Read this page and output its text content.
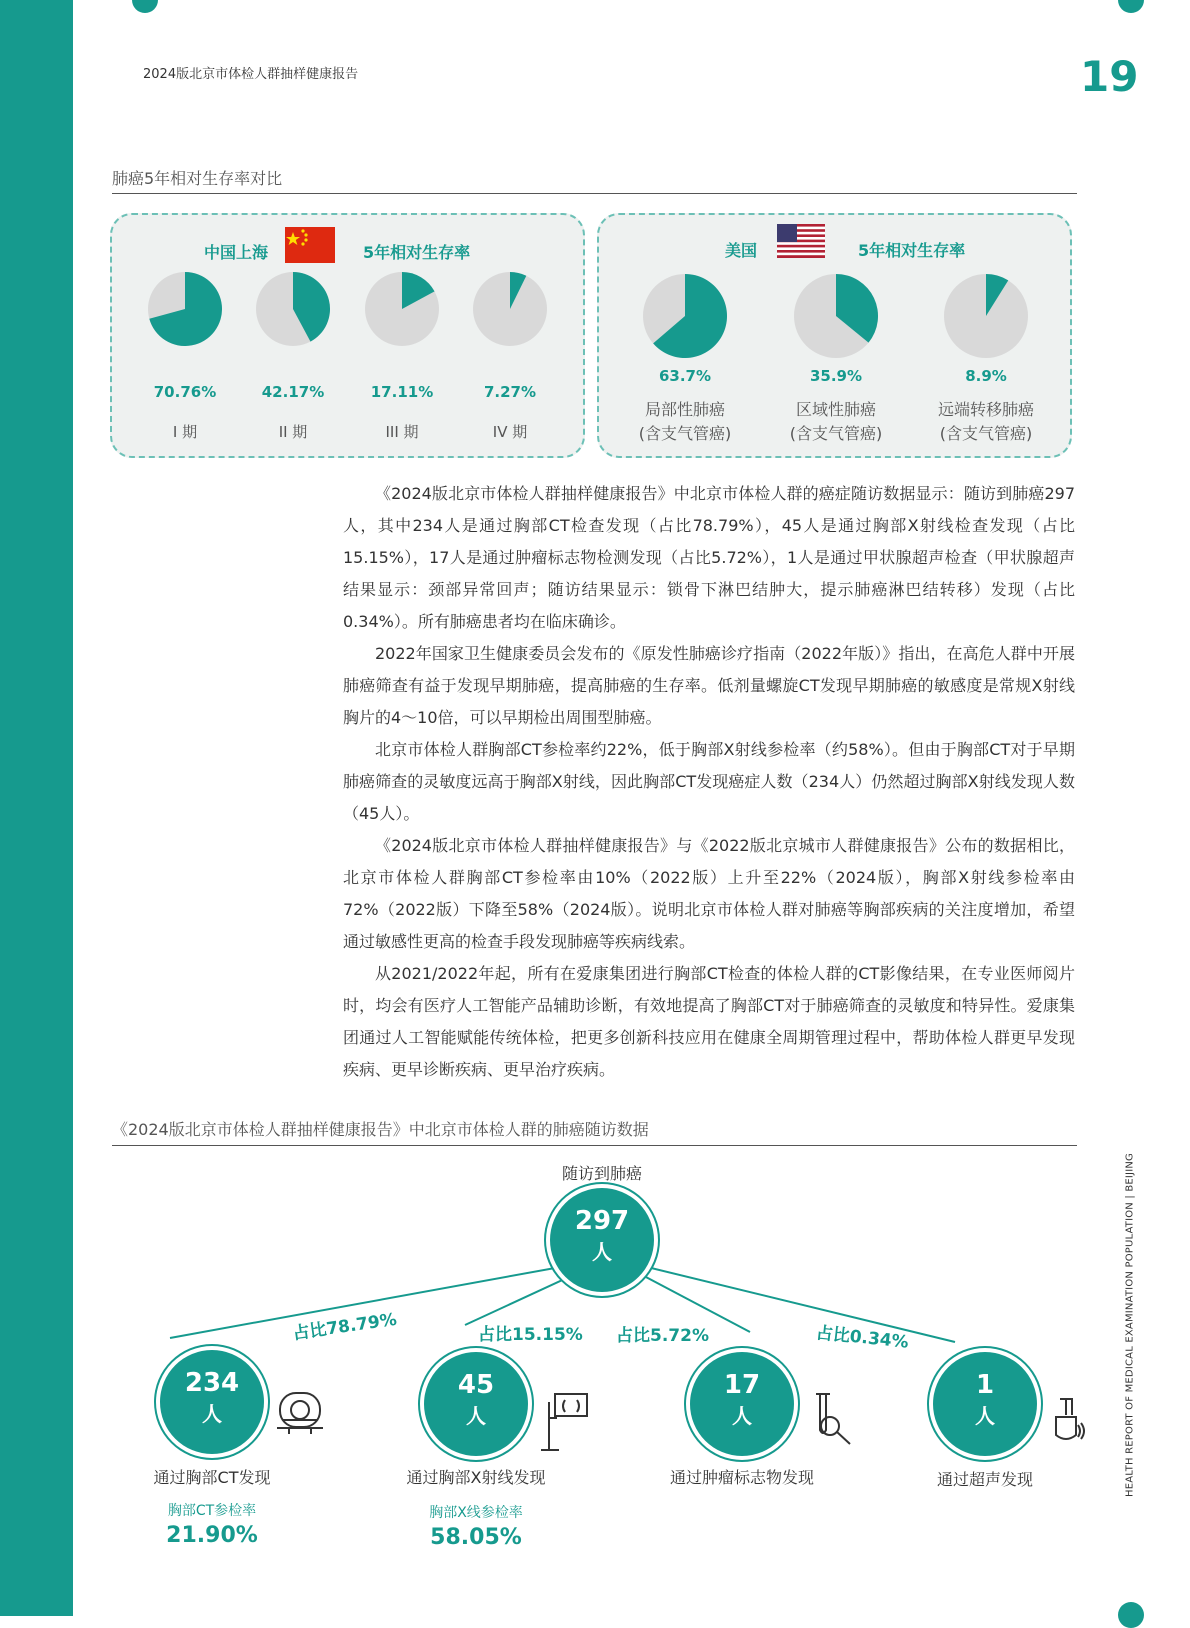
2024版北京市体检人群抽样健康报告	19
肺癌5年相对生存率对比
中国上海	5年相对生存率
70.76%	42.17%	17.11%	7.27%
I 期	II 期	III 期	IV 期
美国	5年相对生存率
63.7%	35.9%	8.9%
局部性肺癌
(含支气管癌)
区域性肺癌
(含支气管癌)
远端转移肺癌
(含支气管癌)

《2024版北京市体检人群抽样健康报告》中北京市体检人群的癌症随访数据显示：随访到肺癌297人，其中234人是通过胸部CT检查发现（占比78.79%），45人是通过胸部X射线检查发现（占比15.15%），17人是通过肿瘤标志物检测发现（占比5.72%），1人是通过甲状腺超声检查（甲状腺超声结果显示：颈部异常回声；随访结果显示：锁骨下淋巴结肿大，提示肺癌淋巴结转移）发现（占比0.34%）。所有肺癌患者均在临床确诊。

2022年国家卫生健康委员会发布的《原发性肺癌诊疗指南（2022年版）》指出，在高危人群中开展肺癌筛查有益于发现早期肺癌，提高肺癌的生存率。低剂量螺旋CT发现早期肺癌的敏感度是常规X射线胸片的4～10倍，可以早期检出周围型肺癌。

北京市体检人群胸部CT参检率约22%，低于胸部X射线参检率（约58%）。但由于胸部CT对于早期肺癌筛查的灵敏度远高于胸部X射线，因此胸部CT发现癌症人数（234人）仍然超过胸部X射线发现人数（45人）。

《2024版北京市体检人群抽样健康报告》与《2022版北京城市人群健康报告》公布的数据相比，北京市体检人群胸部CT参检率由10%（2022版）上升至22%（2024版），胸部X射线参检率由72%（2022版）下降至58%（2024版）。说明北京市体检人群对肺癌等胸部疾病的关注度增加，希望通过敏感性更高的检查手段发现肺癌等疾病线索。

从2021/2022年起，所有在爱康集团进行胸部CT检查的体检人群的CT影像结果，在专业医师阅片时，均会有医疗人工智能产品辅助诊断，有效地提高了胸部CT对于肺癌筛查的灵敏度和特异性。爱康集团通过人工智能赋能传统体检，把更多创新科技应用在健康全周期管理过程中，帮助体检人群更早发现疾病、更早诊断疾病、更早治疗疾病。

《2024版北京市体检人群抽样健康报告》中北京市体检人群的肺癌随访数据
随访到肺癌
297
人
占比78.79%	占比15.15% 占比5.72%	占比0.34%
234
人
通过胸部CT发现
胸部CT参检率
21.90%
45
人
通过胸部X射线发现
胸部X线参检率
58.05%
17
人
通过肿瘤标志物发现
1
人
通过超声发现	HEALTH REPORT OF MEDICAL EXAMINATION POPULATION | BEIJING
